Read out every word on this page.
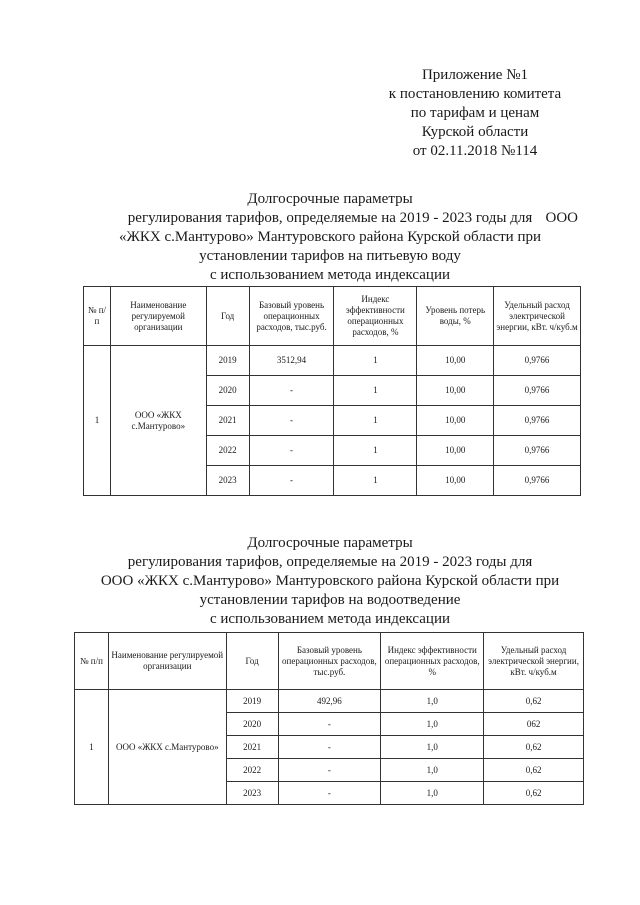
Приложение №1
к постановлению комитета
по тарифам и ценам
Курской области
от 02.11.2018 №114
Долгосрочные параметры
регулирования тарифов, определяемые на 2019 - 2023 годы для ООО
«ЖКХ с.Мантурово» Мантуровского района Курской области при
установлении тарифов на питьевую воду
с использованием метода индексации
№ п/п	Наименование регулируемой организации	Год	Базовый уровень операционных расходов, тыс.руб.	Индекс эффективности операционных расходов, %	Уровень потерь воды, %	Удельный расход электрической энергии, кВт. ч/куб.м
1	ООО «ЖКХ с.Мантурово»	2019	3512,94	1	10,00	0,9766
		2020	-	1	10,00	0,9766
		2021	-	1	10,00	0,9766
		2022	-	1	10,00	0,9766
		2023	-	1	10,00	0,9766
Долгосрочные параметры
регулирования тарифов, определяемые на 2019 - 2023 годы для
ООО «ЖКХ с.Мантурово» Мантуровского района Курской области при
установлении тарифов на водоотведение
с использованием метода индексации
№ п/п	Наименование регулируемой организации	Год	Базовый уровень операционных расходов, тыс.руб.	Индекс эффективности операционных расходов, %	Удельный расход электрической энергии, кВт. ч/куб.м
1	ООО «ЖКХ с.Мантурово»	2019	492,96	1,0	0,62
		2020	-	1,0	062
		2021	-	1,0	0,62
		2022	-	1,0	0,62
		2023	-	1,0	0,62
